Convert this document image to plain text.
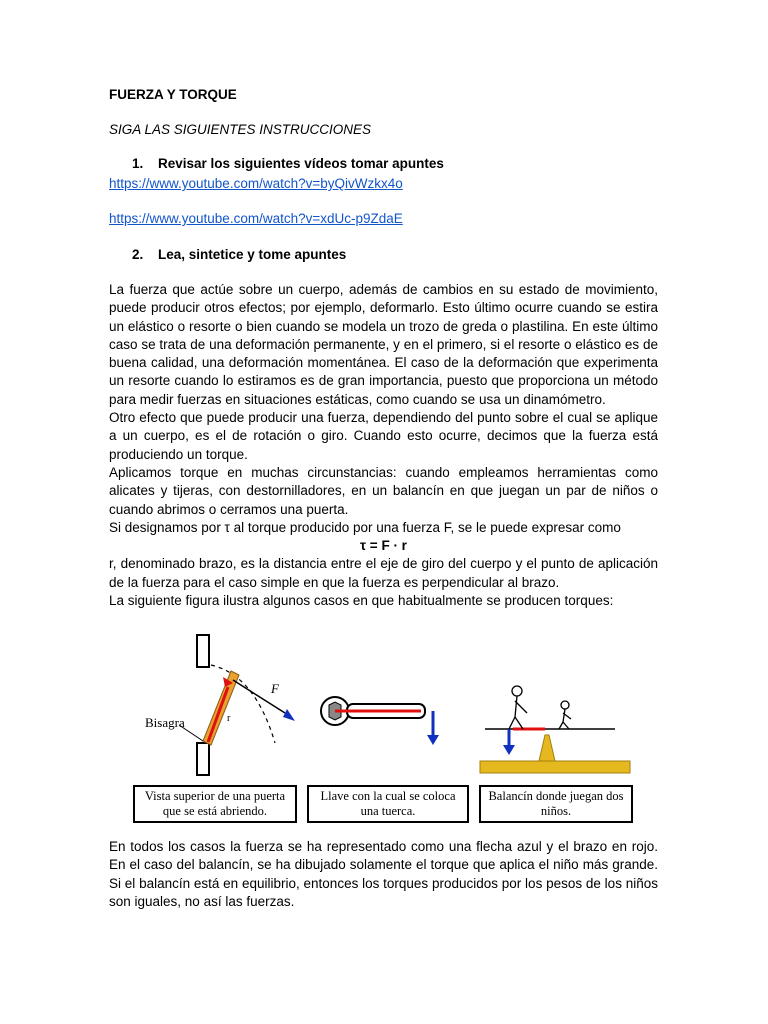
FUERZA Y TORQUE
SIGA LAS SIGUIENTES INSTRUCCIONES
1. Revisar los siguientes vídeos tomar apuntes
https://www.youtube.com/watch?v=byQivWzkx4o
https://www.youtube.com/watch?v=xdUc-p9ZdaE
2. Lea, sintetice y tome apuntes

La fuerza que actúe sobre un cuerpo, además de cambios en su estado de movimiento, puede producir otros efectos; por ejemplo, deformarlo. Esto último ocurre cuando se estira un elástico o resorte o bien cuando se modela un trozo de greda o plastilina. En este último caso se trata de una deformación permanente, y en el primero, si el resorte o elástico es de buena calidad, una deformación momentánea. El caso de la deformación que experimenta un resorte cuando lo estiramos es de gran importancia, puesto que proporciona un método para medir fuerzas en situaciones estáticas, como cuando se usa un dinamómetro.

Otro efecto que puede producir una fuerza, dependiendo del punto sobre el cual se aplique a un cuerpo, es el de rotación o giro. Cuando esto ocurre, decimos que la fuerza está produciendo un torque.

Aplicamos torque en muchas circunstancias: cuando empleamos herramientas como alicates y tijeras, con destornilladores, en un balancín en que juegan un par de niños o cuando abrimos o cerramos una puerta.

Si designamos por τ al torque producido por una fuerza F, se le puede expresar como

τ = F · r

r, denominado brazo, es la distancia entre el eje de giro del cuerpo y el punto de aplicación de la fuerza para el caso simple en que la fuerza es perpendicular al brazo.

La siguiente figura ilustra algunos casos en que habitualmente se producen torques:

Bisagra
F
r
Vista superior de una puerta que se está abriendo.
Llave con la cual se coloca una tuerca.
Balancín donde juegan dos niños.

En todos los casos la fuerza se ha representado como una flecha azul y el brazo en rojo. En el caso del balancín, se ha dibujado solamente el torque que aplica el niño más grande. Si el balancín está en equilibrio, entonces los torques producidos por los pesos de los niños son iguales, no así las fuerzas.
